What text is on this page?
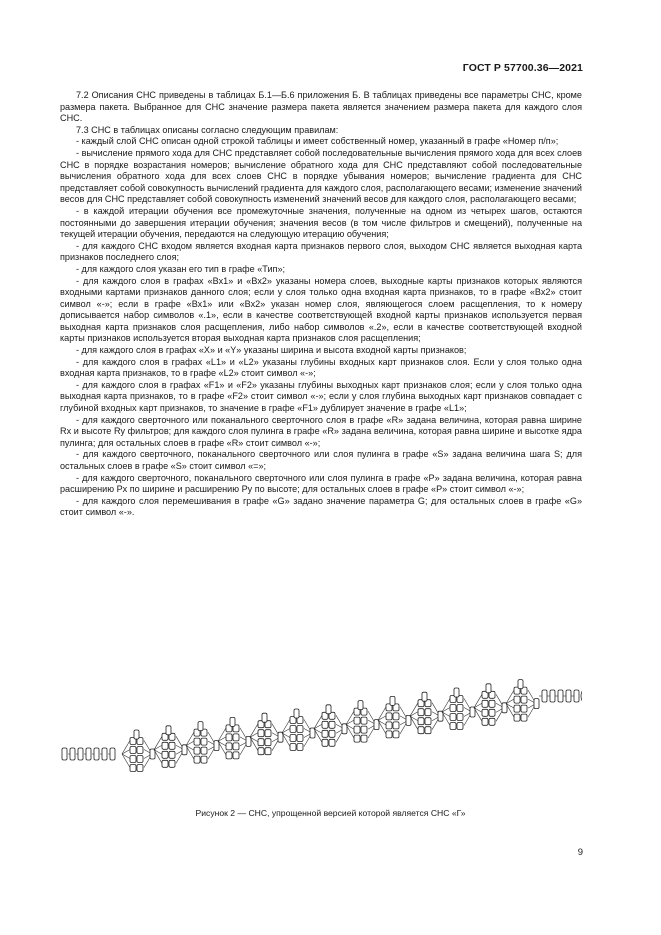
ГОСТ Р 57700.36—2021

7.2 Описания СНС приведены в таблицах Б.1—Б.6 приложения Б. В таблицах приведены все параметры СНС, кроме размера пакета. Выбранное для СНС значение размера пакета является значением размера пакета для каждого слоя СНС.

7.3 СНС в таблицах описаны согласно следующим правилам:

- каждый слой СНС описан одной строкой таблицы и имеет собственный номер, указанный в графе «Номер п/п»;

- вычисление прямого хода для СНС представляет собой последовательные вычисления прямого хода для всех слоев СНС в порядке возрастания номеров; вычисление обратного хода для СНС представляют собой последовательные вычисления обратного хода для всех слоев СНС в порядке убывания номеров; вычисление градиента для СНС представляет собой совокупность вычислений градиента для каждого слоя, располагающего весами; изменение значений весов для СНС представляет собой совокупность изменений значений весов для каждого слоя, располагающего весами;

- в каждой итерации обучения все промежуточные значения, полученные на одном из четырех шагов, остаются постоянными до завершения итерации обучения; значения весов (в том числе фильтров и смещений), полученные на текущей итерации обучения, передаются на следующую итерацию обучения;

- для каждого СНС входом является входная карта признаков первого слоя, выходом СНС является выходная карта признаков последнего слоя;

- для каждого слоя указан его тип в графе «Тип»;

- для каждого слоя в графах «Вх1» и «Вх2» указаны номера слоев, выходные карты признаков которых являются входными картами признаков данного слоя; если у слоя только одна входная карта признаков, то в графе «Вх2» стоит символ «-»; если в графе «Вх1» или «Вх2» указан номер слоя, являющегося слоем расщепления, то к номеру дописывается набор символов «.1», если в качестве соответствующей входной карты признаков используется первая выходная карта признаков слоя расщепления, либо набор символов «.2», если в качестве соответствующей входной карты признаков используется вторая выходная карта признаков слоя расщепления;

- для каждого слоя в графах «X» и «Y» указаны ширина и высота входной карты признаков;

- для каждого слоя в графах «L1» и «L2» указаны глубины входных карт признаков слоя. Если у слоя только одна входная карта признаков, то в графе «L2» стоит символ «-»;

- для каждого слоя в графах «F1» и «F2» указаны глубины выходных карт признаков слоя; если у слоя только одна выходная карта признаков, то в графе «F2» стоит символ «-»; если у слоя глубина выходных карт признаков совпадает с глубиной входных карт признаков, то значение в графе «F1» дублирует значение в графе «L1»;

- для каждого сверточного или поканального сверточного слоя в графе «R» задана величина, которая равна ширине Rx и высоте Ry фильтров; для каждого слоя пулинга в графе «R» задана величина, которая равна ширине и высотке ядра пулинга; для остальных слоев в графе «R» стоит символ «-»;

- для каждого сверточного, поканального сверточного или слоя пулинга в графе «S» задана величина шага S; для остальных слоев в графе «S» стоит символ «=»;

- для каждого сверточного, поканального сверточного или слоя пулинга в графе «P» задана величина, которая равна расширению Px по ширине и расширению Py по высоте; для остальных слоев в графе «P» стоит символ «-»;

- для каждого слоя перемешивания в графе «G» задано значение параметра G; для остальных слоев в графе «G» стоит символ «-».

Рисунок 2 — СНС, упрощенной версией которой является СНС «Г»
9
